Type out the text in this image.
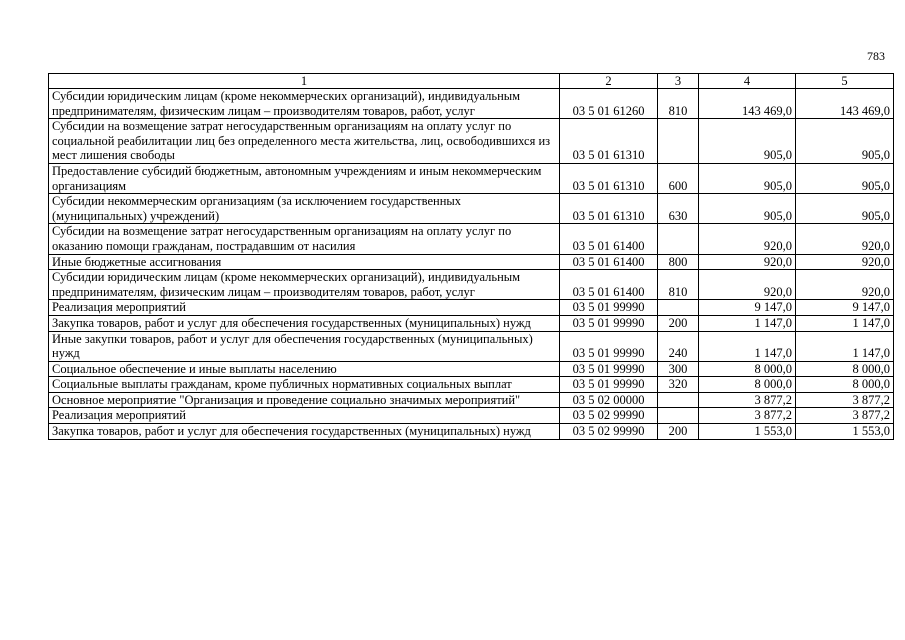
783
1	2	3	4	5
Субсидии юридическим лицам (кроме некоммерческих организаций), индивидуальным предпринимателям, физическим лицам – производителям товаров, работ, услуг	03 5 01 61260	810	143 469,0	143 469,0
Субсидии на возмещение затрат негосударственным организациям на оплату услуг по социальной реабилитации лиц без определенного места жительства, лиц, освободившихся из мест лишения свободы	03 5 01 61310		905,0	905,0
Предоставление субсидий бюджетным, автономным учреждениям и иным некоммерческим организациям	03 5 01 61310	600	905,0	905,0
Субсидии некоммерческим организациям (за исключением государственных (муниципальных) учреждений)	03 5 01 61310	630	905,0	905,0
Субсидии на возмещение затрат негосударственным организациям на оплату услуг по оказанию помощи гражданам, пострадавшим от насилия	03 5 01 61400		920,0	920,0
Иные бюджетные ассигнования	03 5 01 61400	800	920,0	920,0
Субсидии юридическим лицам (кроме некоммерческих организаций), индивидуальным предпринимателям, физическим лицам – производителям товаров, работ, услуг	03 5 01 61400	810	920,0	920,0
Реализация мероприятий	03 5 01 99990		9 147,0	9 147,0
Закупка товаров, работ и услуг для обеспечения государственных (муниципальных) нужд	03 5 01 99990	200	1 147,0	1 147,0
Иные закупки товаров, работ и услуг для обеспечения государственных (муниципальных) нужд	03 5 01 99990	240	1 147,0	1 147,0
Социальное обеспечение и иные выплаты населению	03 5 01 99990	300	8 000,0	8 000,0
Социальные выплаты гражданам, кроме публичных нормативных социальных выплат	03 5 01 99990	320	8 000,0	8 000,0
Основное мероприятие "Организация и проведение социально значимых мероприятий"	03 5 02 00000		3 877,2	3 877,2
Реализация мероприятий	03 5 02 99990		3 877,2	3 877,2
Закупка товаров, работ и услуг для обеспечения государственных (муниципальных) нужд	03 5 02 99990	200	1 553,0	1 553,0
